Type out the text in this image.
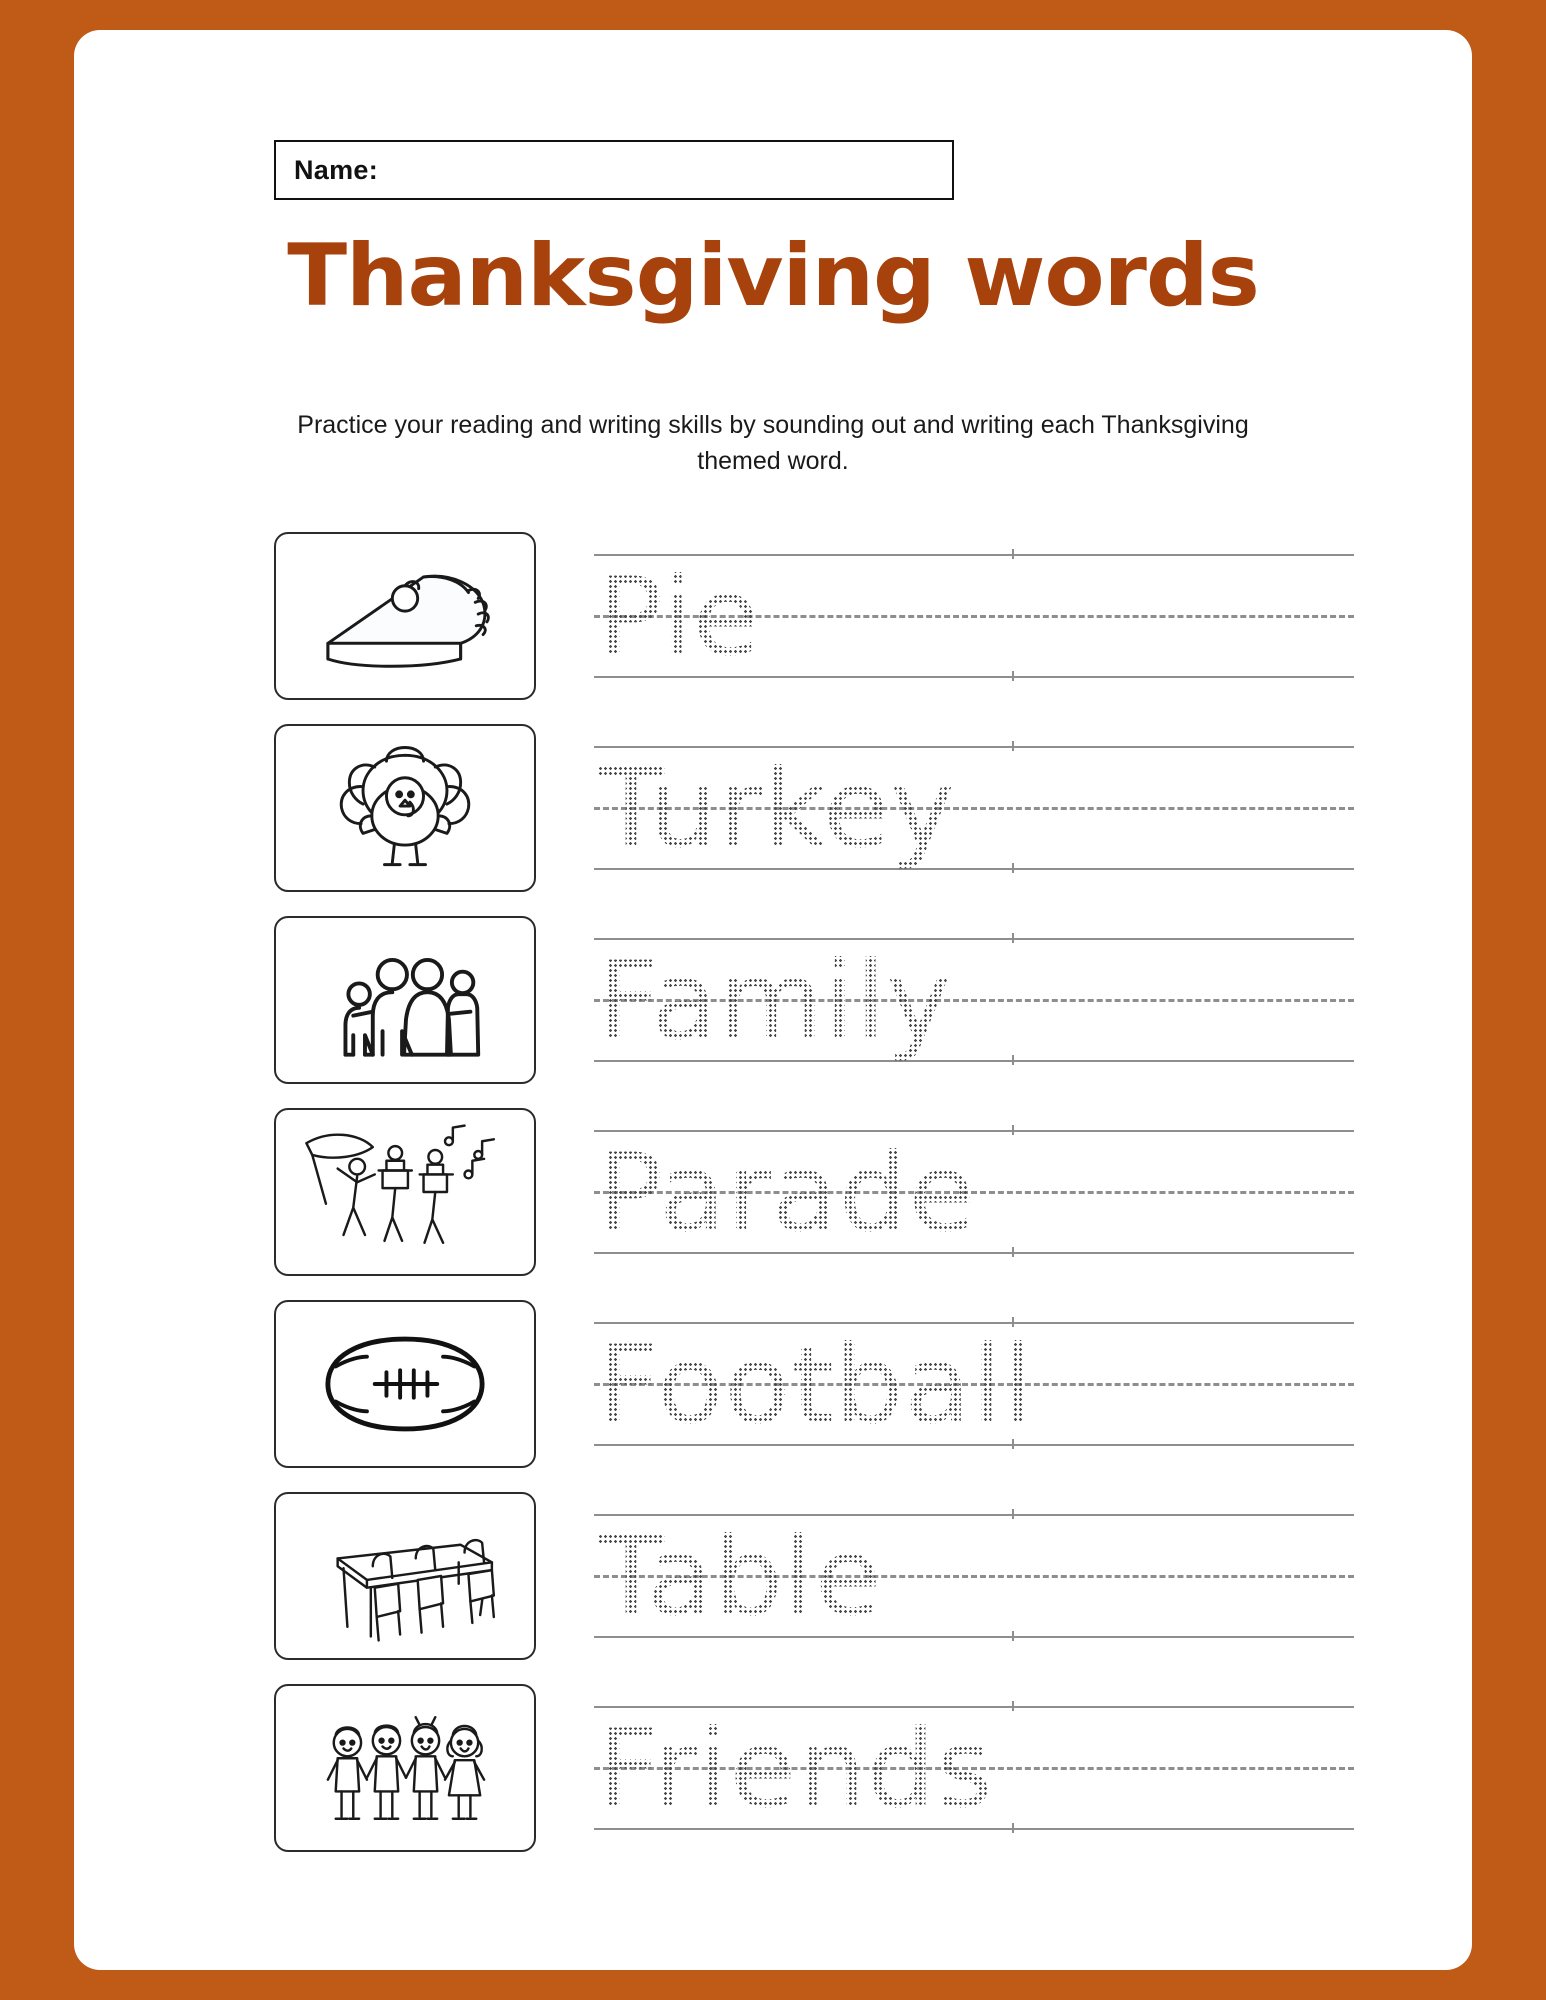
Name:
Thanksgiving words
Practice your reading and writing skills by sounding out and writing each Thanksgiving themed word.
Pie
Turkey
Family
Parade
Football
Table
Friends
